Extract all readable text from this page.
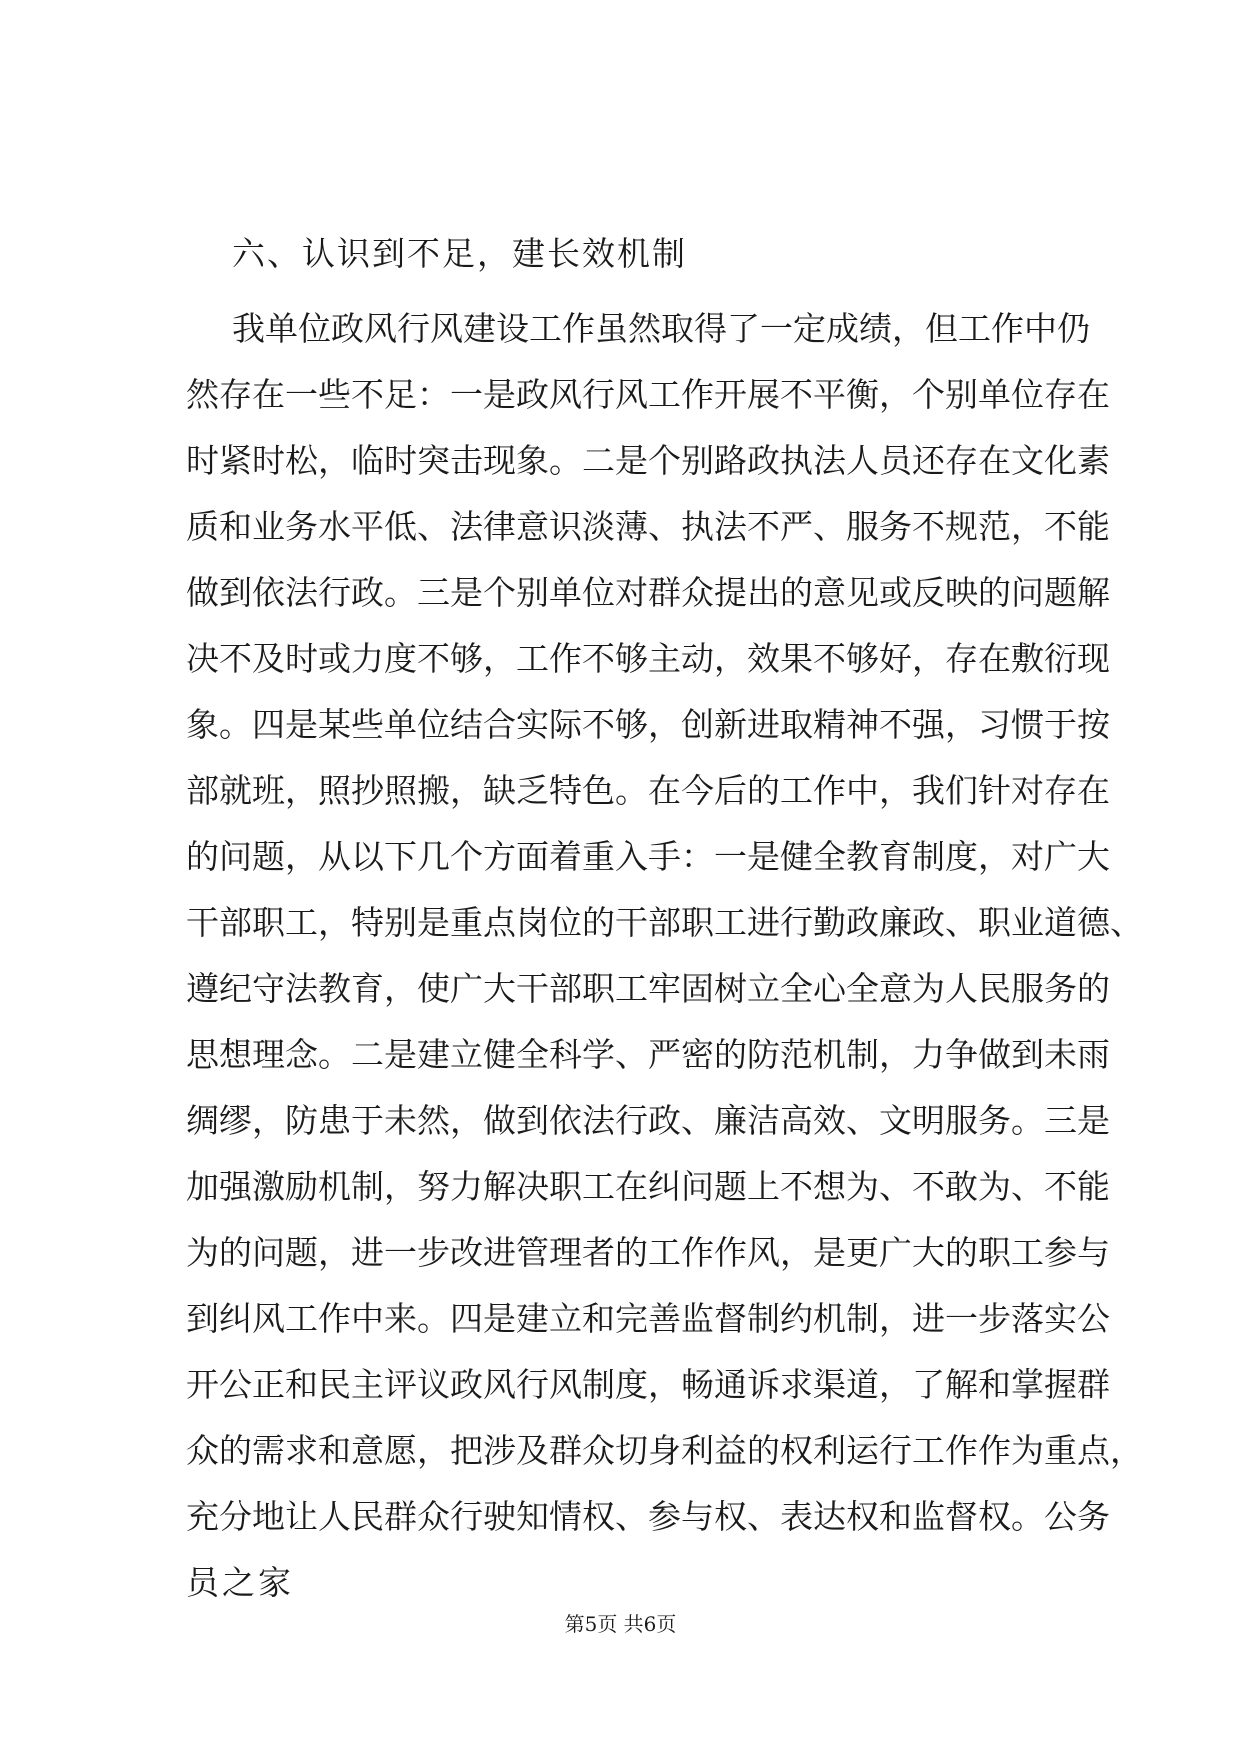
六、认识到不足，建长效机制
我单位政风行风建设工作虽然取得了一定成绩，但工作中仍
然存在一些不足：一是政风行风工作开展不平衡，个别单位存在
时紧时松，临时突击现象。二是个别路政执法人员还存在文化素
质和业务水平低、法律意识淡薄、执法不严、服务不规范，不能
做到依法行政。三是个别单位对群众提出的意见或反映的问题解
决不及时或力度不够，工作不够主动，效果不够好，存在敷衍现
象。四是某些单位结合实际不够，创新进取精神不强，习惯于按
部就班，照抄照搬，缺乏特色。在今后的工作中，我们针对存在
的问题，从以下几个方面着重入手：一是健全教育制度，对广大
干部职工，特别是重点岗位的干部职工进行勤政廉政、职业道德、
遵纪守法教育，使广大干部职工牢固树立全心全意为人民服务的
思想理念。二是建立健全科学、严密的防范机制，力争做到未雨
绸缪，防患于未然，做到依法行政、廉洁高效、文明服务。三是
加强激励机制，努力解决职工在纠问题上不想为、不敢为、不能
为的问题，进一步改进管理者的工作作风，是更广大的职工参与
到纠风工作中来。四是建立和完善监督制约机制，进一步落实公
开公正和民主评议政风行风制度，畅通诉求渠道，了解和掌握群
众的需求和意愿，把涉及群众切身利益的权利运行工作作为重点，
充分地让人民群众行驶知情权、参与权、表达权和监督权。公务
员之家
第5页 共6页
